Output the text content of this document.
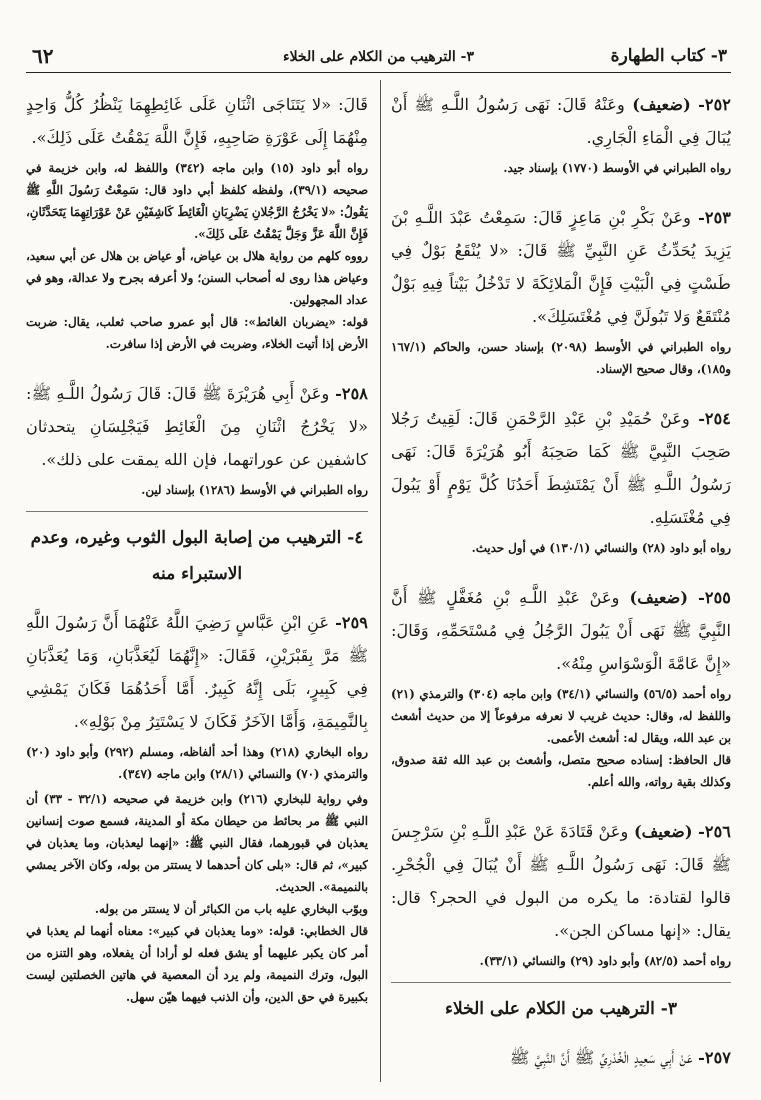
٣- كتاب الطهارة
٣- الترهيب من الكلام على الخلاء
٦٢

٢٥٢- (ضعيف) وعَنْهُ قَالَ: نَهَى رَسُولُ اللَّـهِ ﷺ أَنْ يُبَالَ فِي الْمَاءِ الْجَارِي.

رواه الطبراني في الأوسط (١٧٧٠) بإسناد جيد.

٢٥٣- وعَنْ بَكْرِ بْنِ مَاعِزٍ قَالَ: سَمِعْتُ عَبْدَ اللَّـهِ بْنَ يَزِيدَ يُحَدِّثُ عَنِ النَّبِيِّ ﷺ قَالَ: «لا يُنْقَعُ بَوْلٌ فِي طَسْتٍ فِي الْبَيْتِ فَإِنَّ الْمَلائِكَةَ لا تَدْخُلُ بَيْتاً فِيهِ بَوْلٌ مُنْتَقَعٌ وَلا تَبُولَنَّ فِي مُغْتَسَلِكَ».

رواه الطبراني في الأوسط (٢٠٩٨) بإسناد حسن، والحاكم (١٦٧/١ و١٨٥)، وقال صحيح الإسناد.

٢٥٤- وعَنْ حُمَيْدِ بْنِ عَبْدِ الرَّحْمَنِ قَالَ: لَقِيتُ رَجُلا صَحِبَ النَّبِيَّ ﷺ كَمَا صَحِبَهُ أَبُو هُرَيْرَةَ قَالَ: نَهَى رَسُولُ اللَّـهِ ﷺ أَنْ يَمْتَشِطَ أَحَدُنَا كُلَّ يَوْمٍ أَوْ يَبُولَ فِي مُغْتَسَلِهِ.

رواه أبو داود (٢٨) والنسائي (١٣٠/١) في أول حديث.

٢٥٥- (ضعيف) وعَنْ عَبْدِ اللَّـهِ بْنِ مُغَفَّلٍ ﷺ أَنَّ النَّبِيَّ ﷺ نَهَى أَنْ يَبُولَ الرَّجُلُ فِي مُسْتَحَمِّهِ، وَقَالَ: «إِنَّ عَامَّةَ الْوَسْوَاسِ مِنْهُ».

رواه أحمد (٥٦/٥) والنسائي (٣٤/١) وابن ماجه (٣٠٤) والترمذي (٢١) واللفظ له، وقال: حديث غريب لا نعرفه مرفوعاً إلا من حديث أشعث بن عبد الله، ويقال له: أشعث الأعمى.

قال الحافظ: إسناده صحيح متصل، وأشعث بن عبد الله ثقة صدوق، وكذلك بقية رواته، والله أعلم.

٢٥٦- (ضعيف) وعَنْ قَتَادَةَ عَنْ عَبْدِ اللَّـهِ بْنِ سَرْجِسَ ﷺ قَالَ: نَهَى رَسُولُ اللَّـهِ ﷺ أَنْ يُبَالَ فِي الْجُحْرِ. قالوا لقتادة: ما يكره من البول في الحجر؟ قال: يقال: «إنها مساكن الجن».

رواه أحمد (٨٢/٥) وأبو داود (٢٩) والنسائي (٣٣/١).

٣- الترهيب من الكلام على الخلاء

٢٥٧- عَنْ أَبِي سَعِيدٍ الْخُدْرِيِّ ﷺ أَنَّ النَّبِيَّ ﷺ

قَالَ: «لا يَتَنَاجَى اثْنَانِ عَلَى غَائِطِهِمَا يَنْظُرُ كُلُّ وَاحِدٍ مِنْهُمَا إِلَى عَوْرَةِ صَاحِبِهِ، فَإِنَّ اللَّهَ يَمْقُتُ عَلَى ذَلِكَ».

رواه أبو داود (١٥) وابن ماجه (٣٤٢) واللفظ له، وابن خزيمة في صحيحه (٣٩/١)، ولفظه كلفظ أبي داود قال: سَمِعْتُ رَسُولَ اللَّهِ ﷺ يَقُولُ: «لا يَخْرُجُ الرَّجُلانِ يَضْرِبَانِ الْغَائِطَ كَاشِفَيْنِ عَنْ عَوْرَاتِهِمَا يَتَحَدَّثَانِ، فَإِنَّ اللَّهَ عَزَّ وَجَلَّ يَمْقُتُ عَلَى ذَلِكَ».

رووه كلهم من رواية هلال بن عياض، أو عياض بن هلال عن أبي سعيد، وعياض هذا روى له أصحاب السنن؛ ولا أعرفه بجرح ولا عدالة، وهو في عداد المجهولين.

قوله: «يضربان الغائط»: قال أبو عمرو صاحب ثعلب، يقال: ضربت الأرض إذا أتيت الخلاء، وضربت في الأرض إذا سافرت.

٢٥٨- وعَنْ أَبِي هُرَيْرَةَ ﷺ قَالَ: قَالَ رَسُولُ اللَّـهِ ﷺ: «لا يَخْرُجُ اثْنَانِ مِنَ الْغَائِطِ فَيَجْلِسَانِ يتحدثان كاشفين عن عوراتهما، فإن الله يمقت على ذلك».

رواه الطبراني في الأوسط (١٢٨٦) بإسناد لين.

٤- الترهيب من إصابة البول الثوب وغيره، وعدم الاستبراء منه

٢٥٩- عَنِ ابْنِ عَبَّاسٍ رَضِيَ اللَّهُ عَنْهُمَا أَنَّ رَسُولَ اللَّهِ ﷺ مَرَّ بِقَبْرَيْنِ، فَقَالَ: «إِنَّهُمَا لَيُعَذَّبَانِ، وَمَا يُعَذَّبَانِ فِي كَبِيرٍ، بَلَى إِنَّهُ كَبِيرٌ. أَمَّا أَحَدُهُمَا فَكَانَ يَمْشِي بِالنَّمِيمَةِ، وَأَمَّا الآخَرُ فَكَانَ لا يَسْتَتِرُ مِنْ بَوْلِهِ».

رواه البخاري (٢١٨) وهذا أحد ألفاظه، ومسلم (٢٩٢) وأبو داود (٢٠) والترمذي (٧٠) والنسائي (٢٨/١) وابن ماجه (٣٤٧).

وفي رواية للبخاري (٢١٦) وابن خزيمة في صحيحه (٣٢/١ - ٣٣) أن النبي ﷺ مر بحائط من حيطان مكة أو المدينة، فسمع صوت إنسانين يعذبان في قبورهما، فقال النبي ﷺ: «إنهما ليعذبان، وما يعذبان في كبير»، ثم قال: «بلى كان أحدهما لا يستتر من بوله، وكان الآخر يمشي بالنميمة». الحديث.

وبوّب البخاري عليه باب من الكبائر أن لا يستتر من بوله.

قال الخطابي: قوله: «وما يعذبان في كبير»: معناه أنهما لم يعذبا في أمر كان يكبر عليهما أو يشق فعله لو أرادا أن يفعلاه، وهو التنزه من البول، وترك النميمة، ولم يرد أن المعصية في هاتين الخصلتين ليست بكبيرة في حق الدين، وأن الذنب فيهما هيّن سهل.
